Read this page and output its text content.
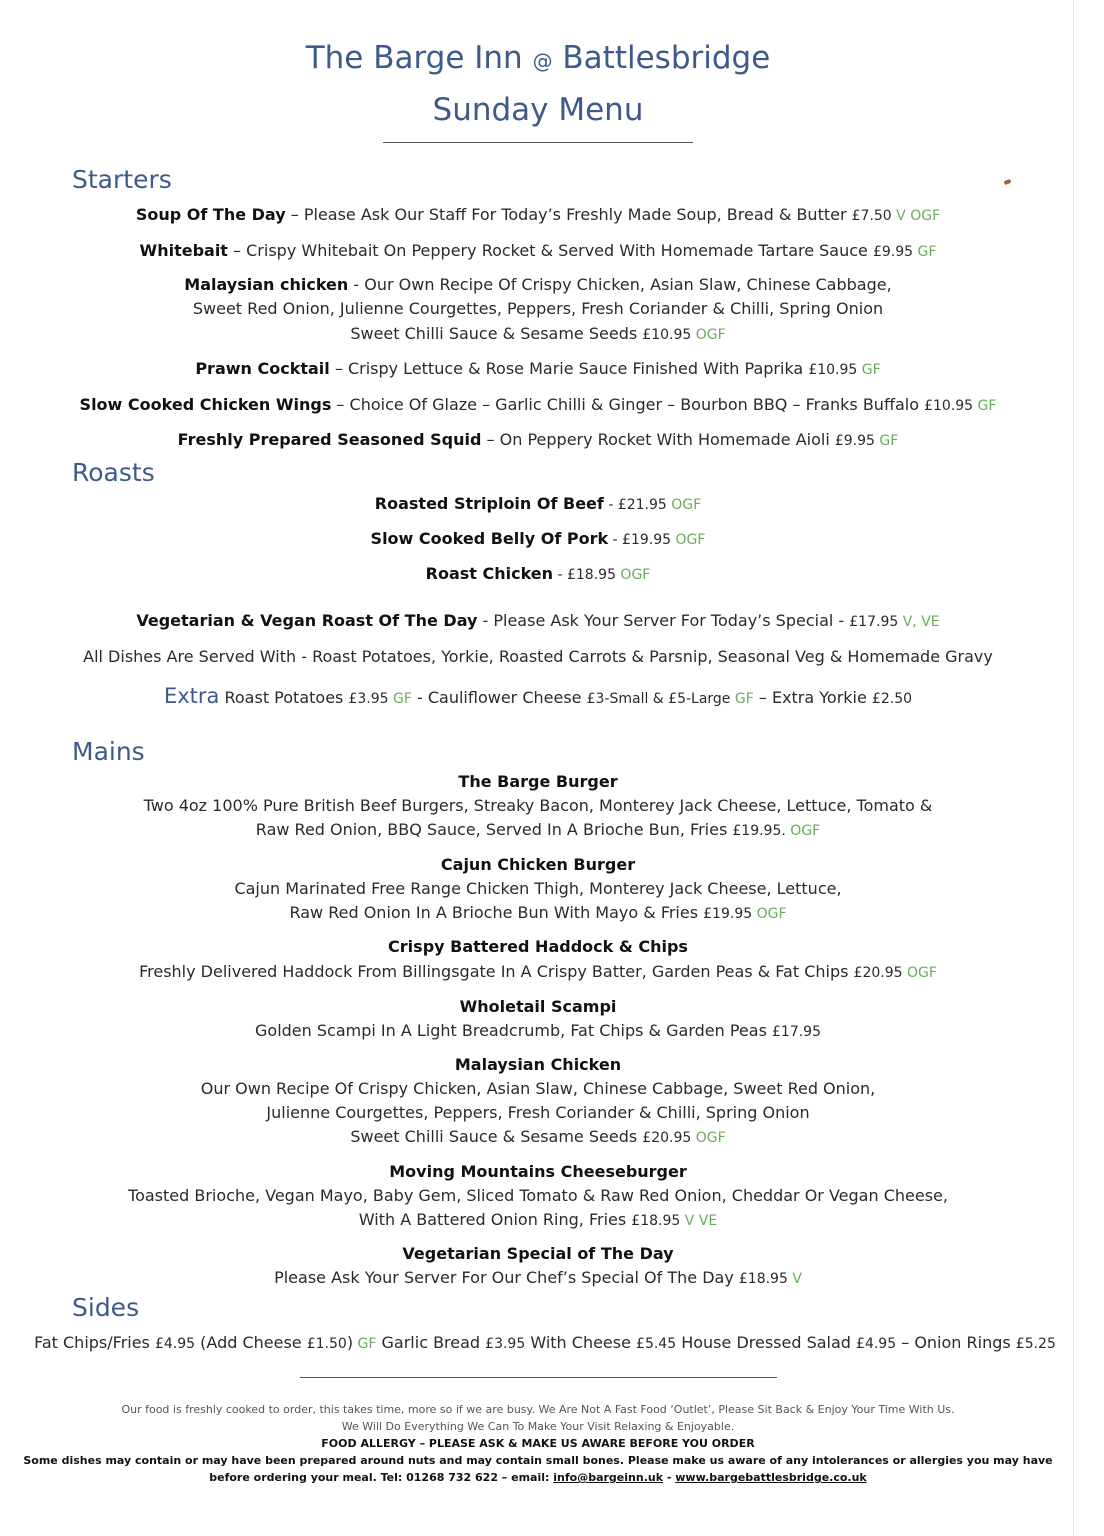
The Barge Inn @ Battlesbridge
Sunday Menu
Starters
Soup Of The Day – Please Ask Our Staff For Today’s Freshly Made Soup, Bread & Butter £7.50 V OGF
Whitebait – Crispy Whitebait On Peppery Rocket & Served With Homemade Tartare Sauce £9.95 GF
Malaysian chicken - Our Own Recipe Of Crispy Chicken, Asian Slaw, Chinese Cabbage,
Sweet Red Onion, Julienne Courgettes, Peppers, Fresh Coriander & Chilli, Spring Onion
Sweet Chilli Sauce & Sesame Seeds £10.95 OGF
Prawn Cocktail – Crispy Lettuce & Rose Marie Sauce Finished With Paprika £10.95 GF
Slow Cooked Chicken Wings – Choice Of Glaze – Garlic Chilli & Ginger – Bourbon BBQ – Franks Buffalo £10.95 GF
Freshly Prepared Seasoned Squid – On Peppery Rocket With Homemade Aioli £9.95 GF
Roasts
Roasted Striploin Of Beef - £21.95 OGF
Slow Cooked Belly Of Pork - £19.95 OGF
Roast Chicken - £18.95 OGF
Vegetarian & Vegan Roast Of The Day - Please Ask Your Server For Today’s Special - £17.95 V, VE
All Dishes Are Served With - Roast Potatoes, Yorkie, Roasted Carrots & Parsnip, Seasonal Veg & Homemade Gravy
Extra Roast Potatoes £3.95 GF - Cauliflower Cheese £3-Small & £5-Large GF – Extra Yorkie £2.50
Mains
The Barge Burger
Two 4oz 100% Pure British Beef Burgers, Streaky Bacon, Monterey Jack Cheese, Lettuce, Tomato &
Raw Red Onion, BBQ Sauce, Served In A Brioche Bun, Fries £19.95. OGF
Cajun Chicken Burger
Cajun Marinated Free Range Chicken Thigh, Monterey Jack Cheese, Lettuce,
Raw Red Onion In A Brioche Bun With Mayo & Fries £19.95 OGF
Crispy Battered Haddock & Chips
Freshly Delivered Haddock From Billingsgate In A Crispy Batter, Garden Peas & Fat Chips £20.95 OGF
Wholetail Scampi
Golden Scampi In A Light Breadcrumb, Fat Chips & Garden Peas £17.95
Malaysian Chicken
Our Own Recipe Of Crispy Chicken, Asian Slaw, Chinese Cabbage, Sweet Red Onion,
Julienne Courgettes, Peppers, Fresh Coriander & Chilli, Spring Onion
Sweet Chilli Sauce & Sesame Seeds £20.95 OGF
Moving Mountains Cheeseburger
Toasted Brioche, Vegan Mayo, Baby Gem, Sliced Tomato & Raw Red Onion, Cheddar Or Vegan Cheese,
With A Battered Onion Ring, Fries £18.95 V VE
Vegetarian Special of The Day
Please Ask Your Server For Our Chef’s Special Of The Day £18.95 V
Sides
Fat Chips/Fries £4.95 (Add Cheese £1.50) GF Garlic Bread £3.95 With Cheese £5.45 House Dressed Salad £4.95 – Onion Rings £5.25
Our food is freshly cooked to order, this takes time, more so if we are busy. We Are Not A Fast Food ‘Outlet’, Please Sit Back & Enjoy Your Time With Us.
We Will Do Everything We Can To Make Your Visit Relaxing & Enjoyable.
FOOD ALLERGY – PLEASE ASK & MAKE US AWARE BEFORE YOU ORDER
Some dishes may contain or may have been prepared around nuts and may contain small bones. Please make us aware of any intolerances or allergies you may have
before ordering your meal. Tel: 01268 732 622 – email: info@bargeinn.uk - www.bargebattlesbridge.co.uk
